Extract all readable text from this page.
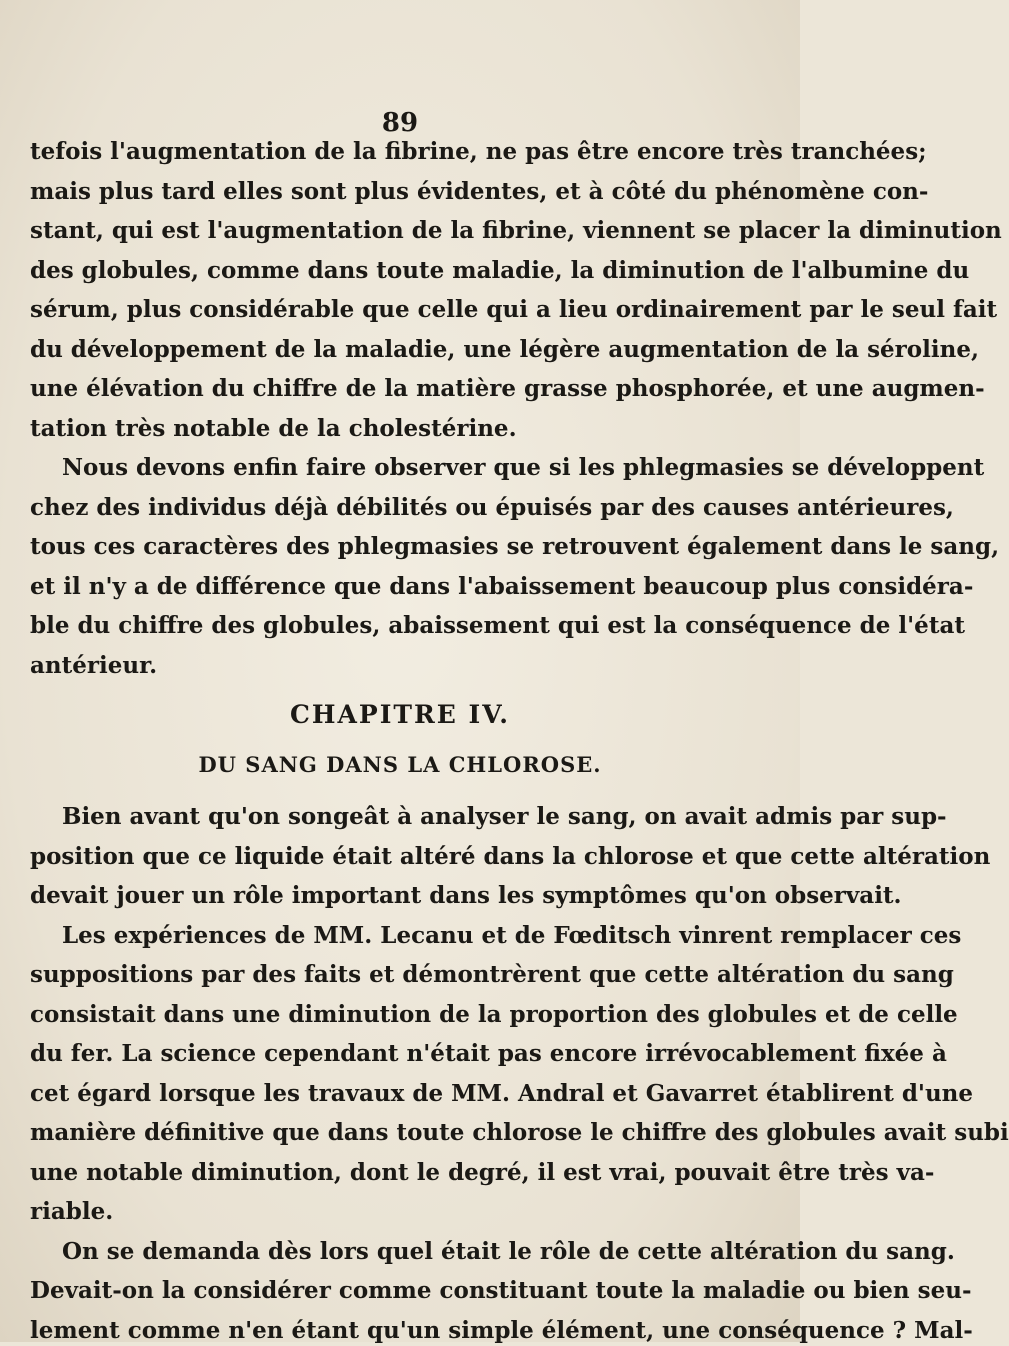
89
CHAPITRE IV.
DU SANG DANS LA CHLOROSE.
tefois l'augmentation de la fibrine, ne pas être encore très tranchées;
mais plus tard elles sont plus évidentes, et à côté du phénomène con-
stant, qui est l'augmentation de la fibrine, viennent se placer la diminution
des globules, comme dans toute maladie, la diminution de l'albumine du
sérum, plus considérable que celle qui a lieu ordinairement par le seul fait
du développement de la maladie, une légère augmentation de la séroline,
une élévation du chiffre de la matière grasse phosphorée, et une augmen-
tation très notable de la cholestérine.
Nous devons enfin faire observer que si les phlegmasies se développent
chez des individus déjà débilités ou épuisés par des causes antérieures,
tous ces caractères des phlegmasies se retrouvent également dans le sang,
et il n'y a de différence que dans l'abaissement beaucoup plus considéra-
ble du chiffre des globules, abaissement qui est la conséquence de l'état
antérieur.
Bien avant qu'on songeât à analyser le sang, on avait admis par sup-
position que ce liquide était altéré dans la chlorose et que cette altération
devait jouer un rôle important dans les symptômes qu'on observait.
Les expériences de MM. Lecanu et de Fœditsch vinrent remplacer ces
suppositions par des faits et démontrèrent que cette altération du sang
consistait dans une diminution de la proportion des globules et de celle
du fer. La science cependant n'était pas encore irrévocablement fixée à
cet égard lorsque les travaux de MM. Andral et Gavarret établirent d'une
manière définitive que dans toute chlorose le chiffre des globules avait subi
une notable diminution, dont le degré, il est vrai, pouvait être très va-
riable.
On se demanda dès lors quel était le rôle de cette altération du sang.
Devait-on la considérer comme constituant toute la maladie ou bien seu-
lement comme n'en étant qu'un simple élément, une conséquence ? Mal-
